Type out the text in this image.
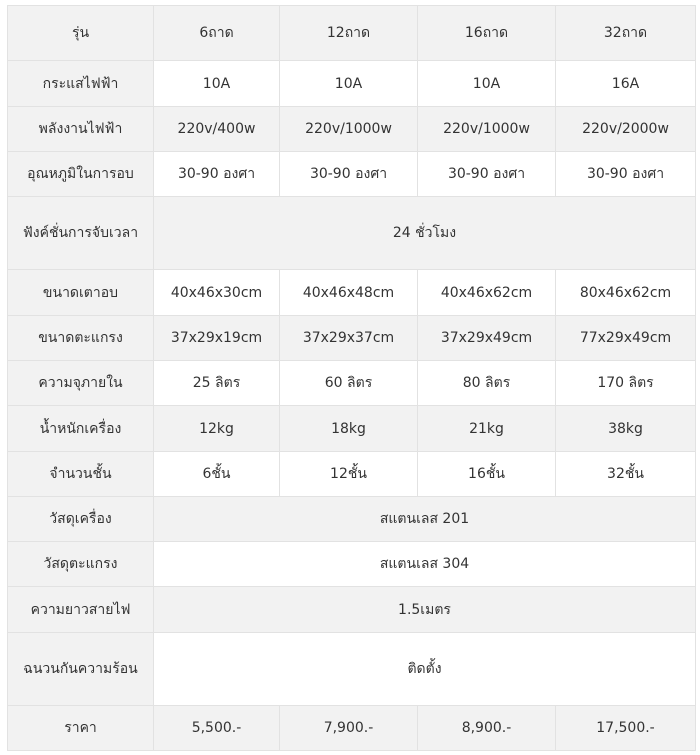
รุ่น	6ถาด	12ถาด	16ถาด	32ถาด
กระแสไฟฟ้า	10A	10A	10A	16A
พลังงานไฟฟ้า	220v/400w	220v/1000w	220v/1000w	220v/2000w
อุณหภูมิในการอบ	30-90 องศา	30-90 องศา	30-90 องศา	30-90 องศา
ฟังค์ชั่นการจับเวลา	24 ชั่วโมง			
ขนาดเตาอบ	40x46x30cm	40x46x48cm	40x46x62cm	80x46x62cm
ขนาดตะแกรง	37x29x19cm	37x29x37cm	37x29x49cm	77x29x49cm
ความจุภายใน	25 ลิตร	60 ลิตร	80 ลิตร	170 ลิตร
น้ำหนักเครื่อง	12kg	18kg	21kg	38kg
จำนวนชั้น	6ชั้น	12ชั้น	16ชั้น	32ชั้น
วัสดุเครื่อง	สแตนเลส 201			
วัสดุตะแกรง	สแตนเลส 304			
ความยาวสายไฟ	1.5เมตร			
ฉนวนกันความร้อน	ติดตั้ง			
ราคา	5,500.-	7,900.-	8,900.-	17,500.-
